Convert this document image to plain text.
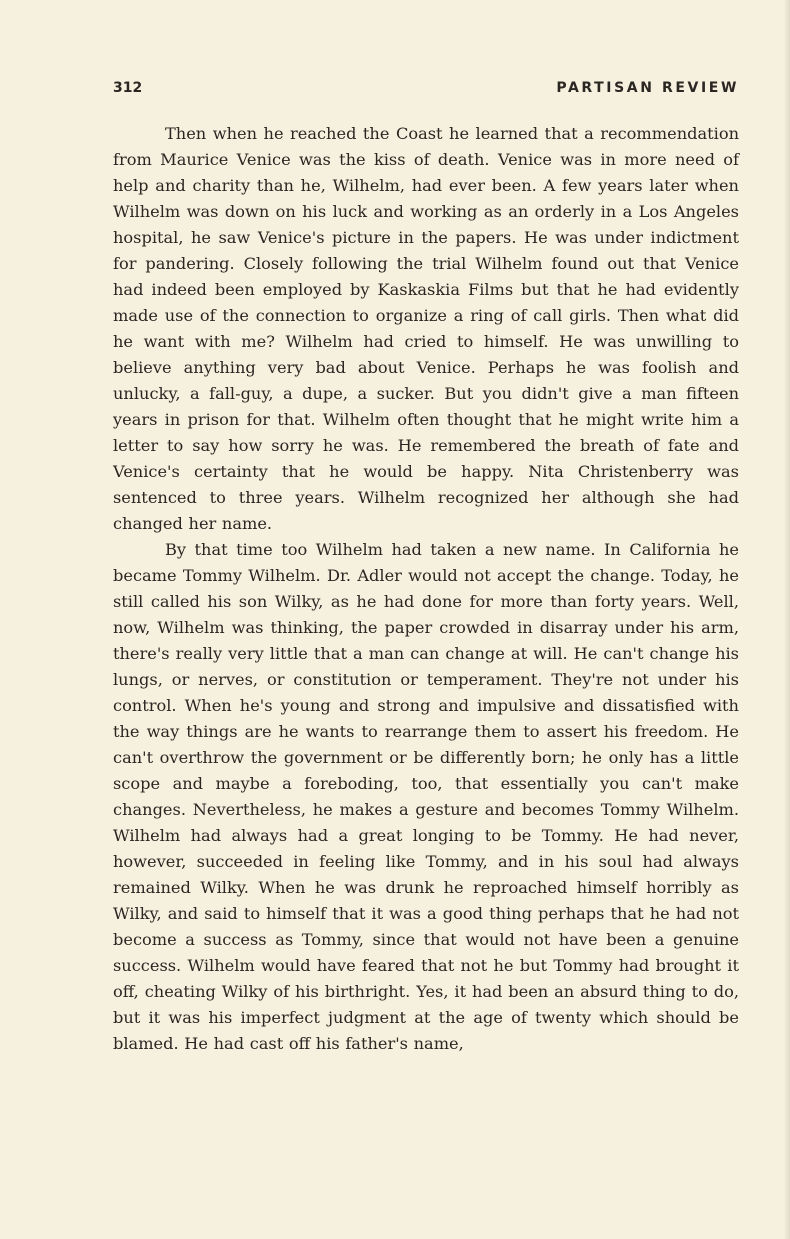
312	PARTISAN REVIEW

Then when he reached the Coast he learned that a recommendation from Maurice Venice was the kiss of death. Venice was in more need of help and charity than he, Wilhelm, had ever been. A few years later when Wilhelm was down on his luck and working as an orderly in a Los Angeles hospital, he saw Venice's picture in the papers. He was under indictment for pandering. Closely following the trial Wilhelm found out that Venice had indeed been employed by Kaskaskia Films but that he had evidently made use of the connection to organize a ring of call girls. Then what did he want with me? Wilhelm had cried to himself. He was unwilling to believe anything very bad about Venice. Perhaps he was foolish and unlucky, a fall-guy, a dupe, a sucker. But you didn't give a man fifteen years in prison for that. Wilhelm often thought that he might write him a letter to say how sorry he was. He remembered the breath of fate and Venice's certainty that he would be happy. Nita Christenberry was sentenced to three years. Wilhelm recognized her although she had changed her name.

By that time too Wilhelm had taken a new name. In California he became Tommy Wilhelm. Dr. Adler would not accept the change. Today, he still called his son Wilky, as he had done for more than forty years. Well, now, Wilhelm was thinking, the paper crowded in disarray under his arm, there's really very little that a man can change at will. He can't change his lungs, or nerves, or constitution or temperament. They're not under his control. When he's young and strong and impulsive and dissatisfied with the way things are he wants to rearrange them to assert his freedom. He can't overthrow the government or be differently born; he only has a little scope and maybe a foreboding, too, that essentially you can't make changes. Nevertheless, he makes a gesture and becomes Tommy Wilhelm. Wilhelm had always had a great longing to be Tommy. He had never, however, succeeded in feeling like Tommy, and in his soul had always remained Wilky. When he was drunk he reproached himself horribly as Wilky, and said to himself that it was a good thing perhaps that he had not become a success as Tommy, since that would not have been a genuine success. Wilhelm would have feared that not he but Tommy had brought it off, cheating Wilky of his birthright. Yes, it had been an absurd thing to do, but it was his imperfect judgment at the age of twenty which should be blamed. He had cast off his father's name,
